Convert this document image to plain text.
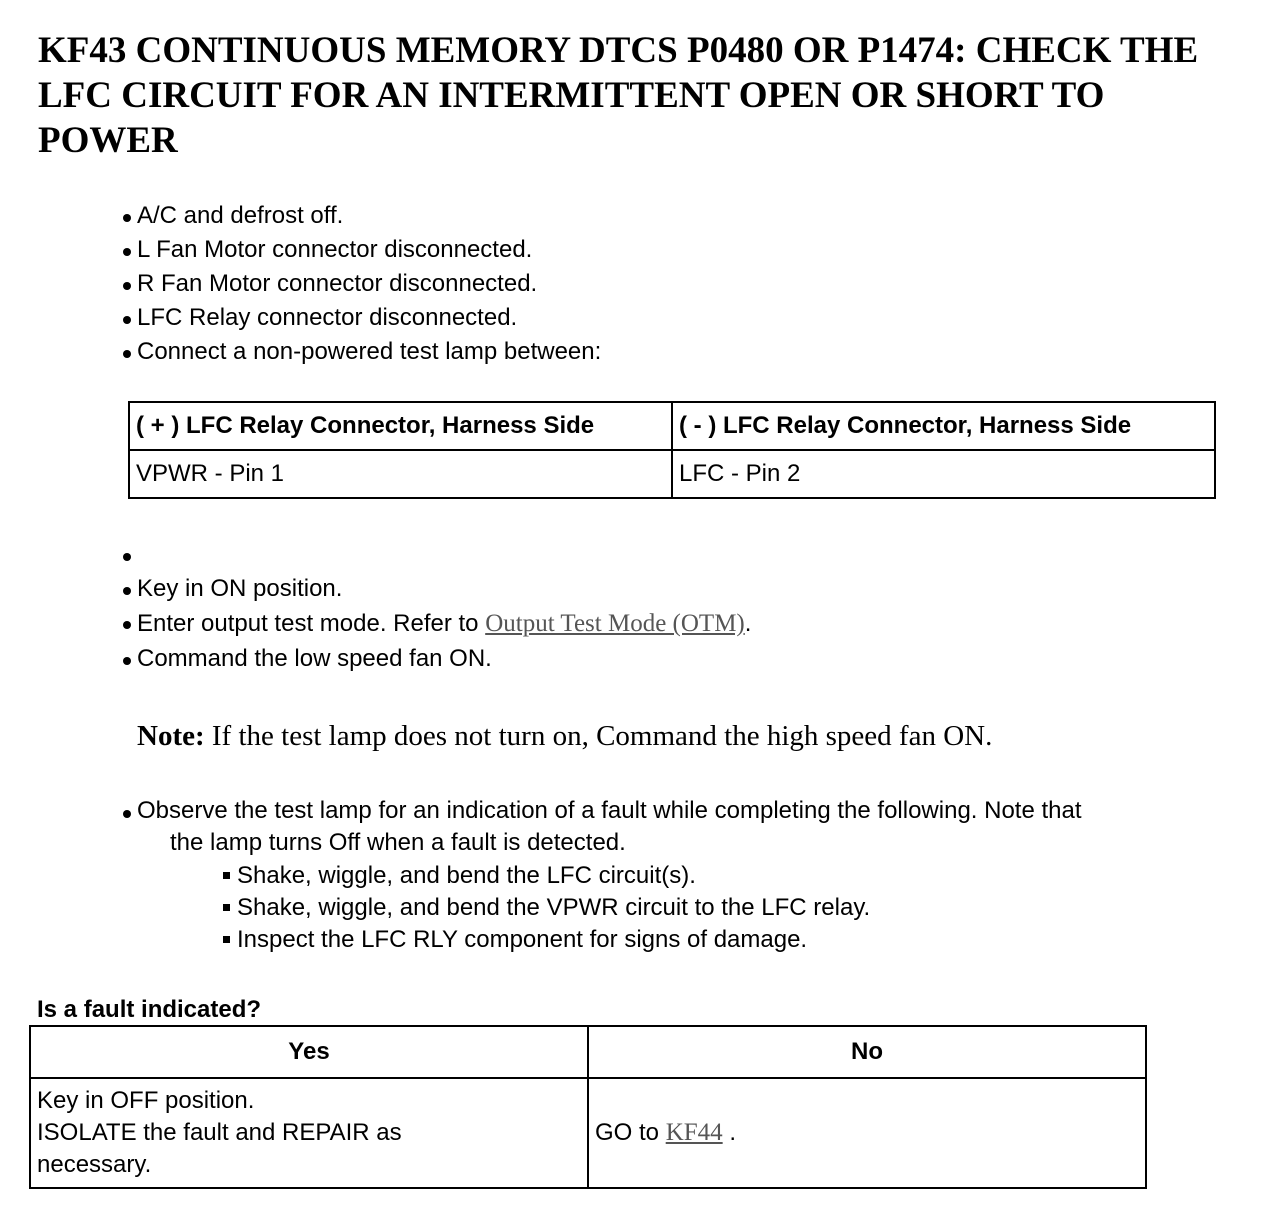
KF43 CONTINUOUS MEMORY DTCS P0480 OR P1474: CHECK THE LFC CIRCUIT FOR AN INTERMITTENT OPEN OR SHORT TO POWER
A/C and defrost off.
L Fan Motor connector disconnected.
R Fan Motor connector disconnected.
LFC Relay connector disconnected.
Connect a non-powered test lamp between:
( + ) LFC Relay Connector, Harness Side	( - ) LFC Relay Connector, Harness Side
VPWR - Pin 1	LFC - Pin 2

Key in ON position.
Enter output test mode. Refer to Output Test Mode (OTM).
Command the low speed fan ON.

Note: If the test lamp does not turn on, Command the high speed fan ON.

Observe the test lamp for an indication of a fault while completing the following. Note that
the lamp turns Off when a fault is detected.
Shake, wiggle, and bend the LFC circuit(s).
Shake, wiggle, and bend the VPWR circuit to the LFC relay.
Inspect the LFC RLY component for signs of damage.

Is a fault indicated?

Yes	No

Key in OFF position.
ISOLATE the fault and REPAIR as
necessary.	GO to KF44 .
